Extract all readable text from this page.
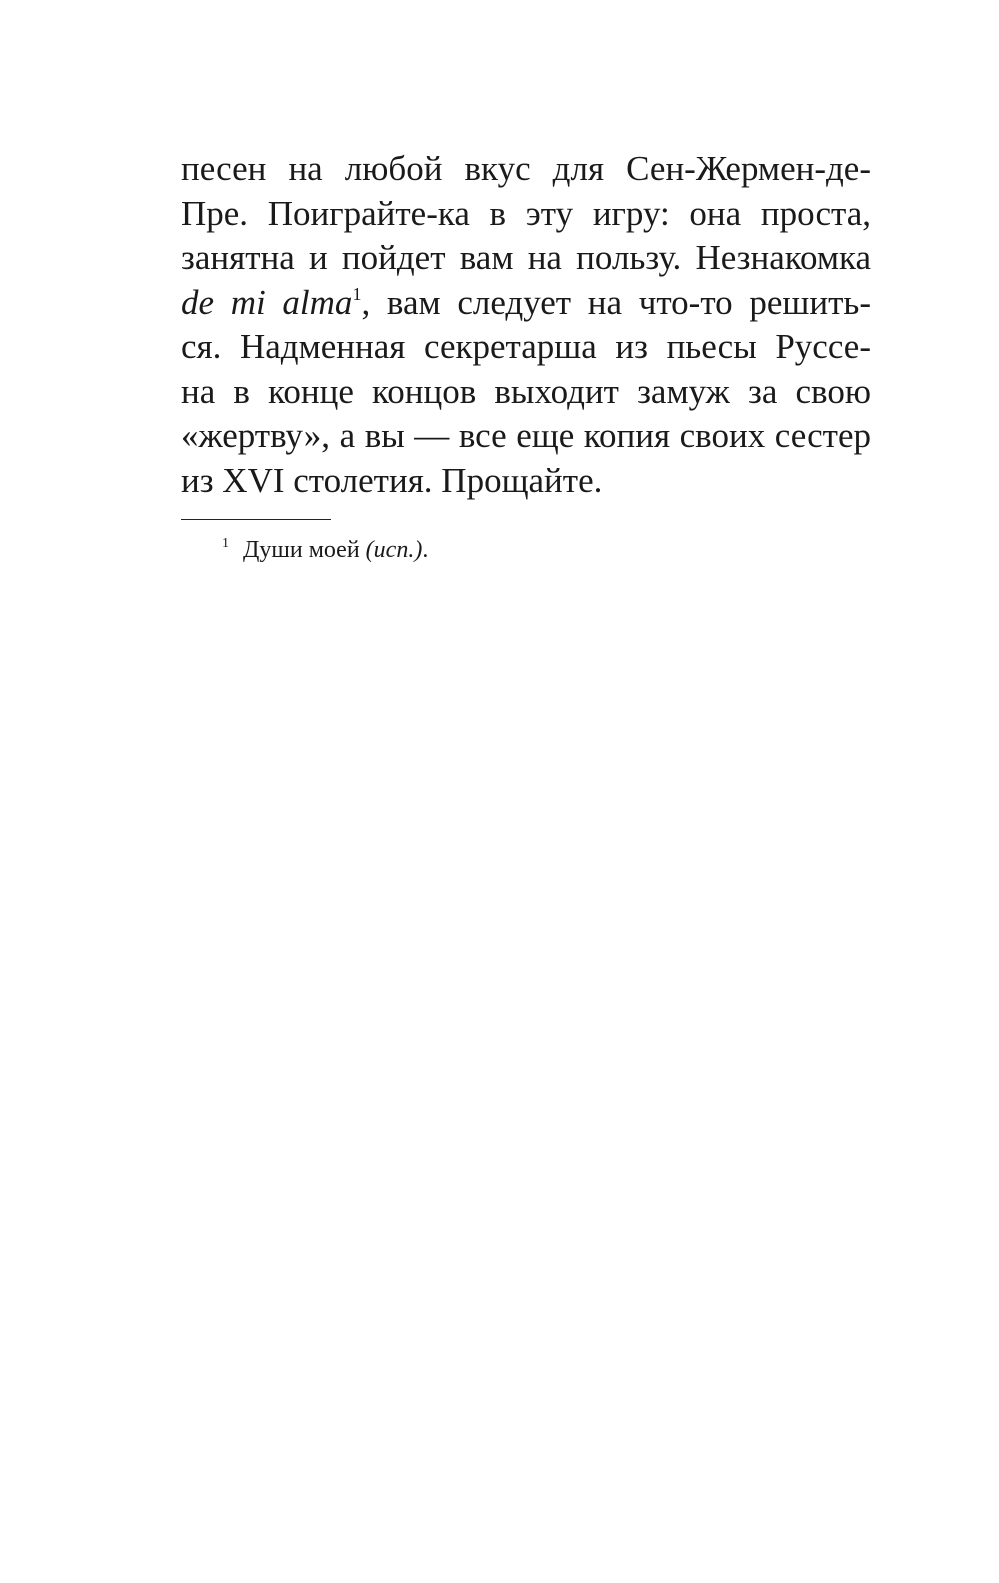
песен на любой вкус для Сен-Жермен-де-
Пре. Поиграйте-ка в эту игру: она проста,
занятна и пойдет вам на пользу. Незнакомка
de mi alma$^1$, вам следует на что-то решить-
ся. Надменная секретарша из пьесы Руссе-
на в конце концов выходит замуж за свою
«жертву», а вы — все еще копия своих сестер
из XVI столетия. Прощайте.
$^1$ Души моей (исп.).
